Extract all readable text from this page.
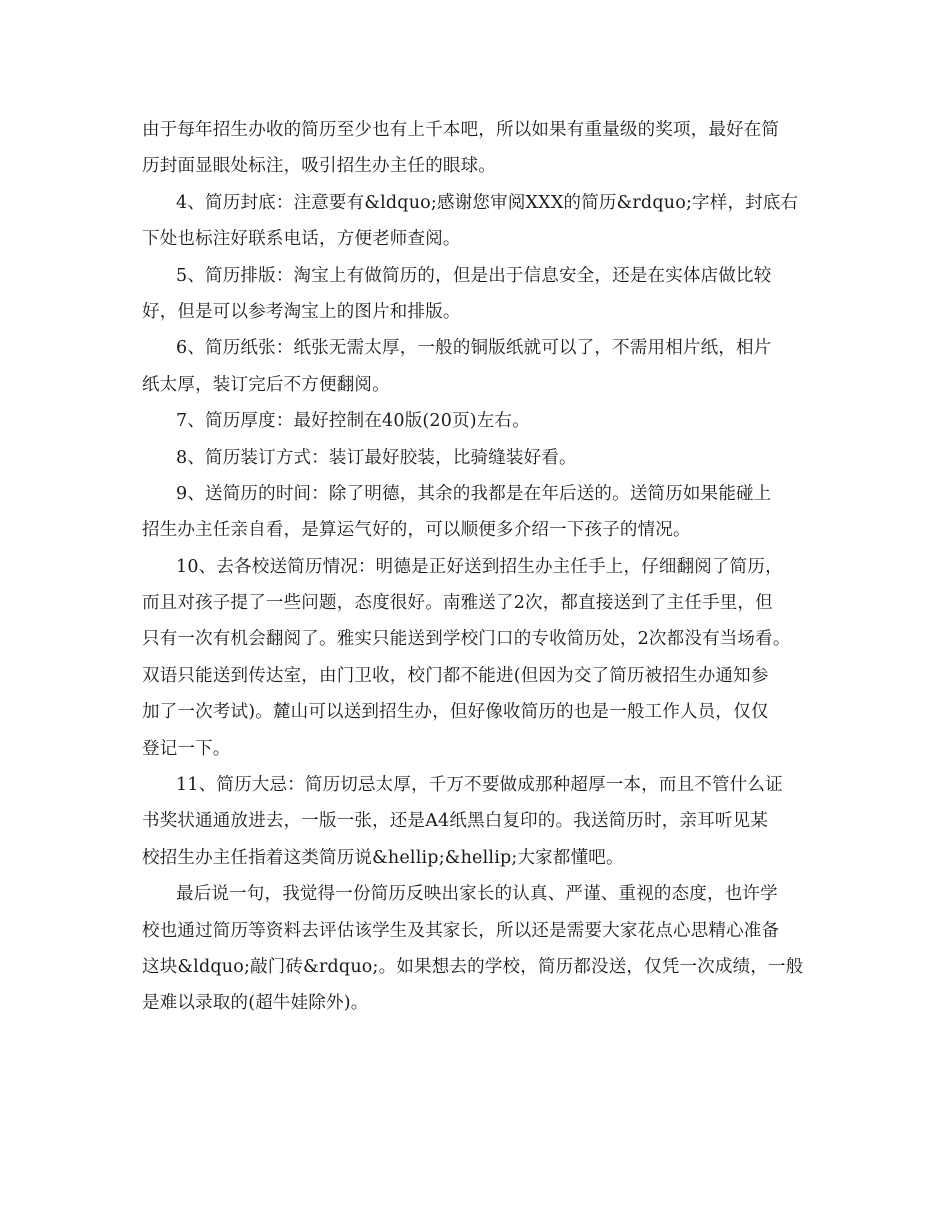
由于每年招生办收的简历至少也有上千本吧，所以如果有重量级的奖项，最好在简
历封面显眼处标注，吸引招生办主任的眼球。
4、简历封底：注意要有&ldquo;感谢您审阅XXX的简历&rdquo;字样，封底右
下处也标注好联系电话，方便老师查阅。
5、简历排版：淘宝上有做简历的，但是出于信息安全，还是在实体店做比较
好，但是可以参考淘宝上的图片和排版。
6、简历纸张：纸张无需太厚，一般的铜版纸就可以了，不需用相片纸，相片
纸太厚，装订完后不方便翻阅。
7、简历厚度：最好控制在40版(20页)左右。
8、简历装订方式：装订最好胶装，比骑缝装好看。
9、送简历的时间：除了明德，其余的我都是在年后送的。送简历如果能碰上
招生办主任亲自看，是算运气好的，可以顺便多介绍一下孩子的情况。
10、去各校送简历情况：明德是正好送到招生办主任手上，仔细翻阅了简历，
而且对孩子提了一些问题，态度很好。南雅送了2次，都直接送到了主任手里，但
只有一次有机会翻阅了。雅实只能送到学校门口的专收简历处，2次都没有当场看。
双语只能送到传达室，由门卫收，校门都不能进(但因为交了简历被招生办通知参
加了一次考试)。麓山可以送到招生办，但好像收简历的也是一般工作人员，仅仅
登记一下。
11、简历大忌：简历切忌太厚，千万不要做成那种超厚一本，而且不管什么证
书奖状通通放进去，一版一张，还是A4纸黑白复印的。我送简历时，亲耳听见某
校招生办主任指着这类简历说&hellip;&hellip;大家都懂吧。
最后说一句，我觉得一份简历反映出家长的认真、严谨、重视的态度，也许学
校也通过简历等资料去评估该学生及其家长，所以还是需要大家花点心思精心准备
这块&ldquo;敲门砖&rdquo;。如果想去的学校，简历都没送，仅凭一次成绩，一般
是难以录取的(超牛娃除外)。
